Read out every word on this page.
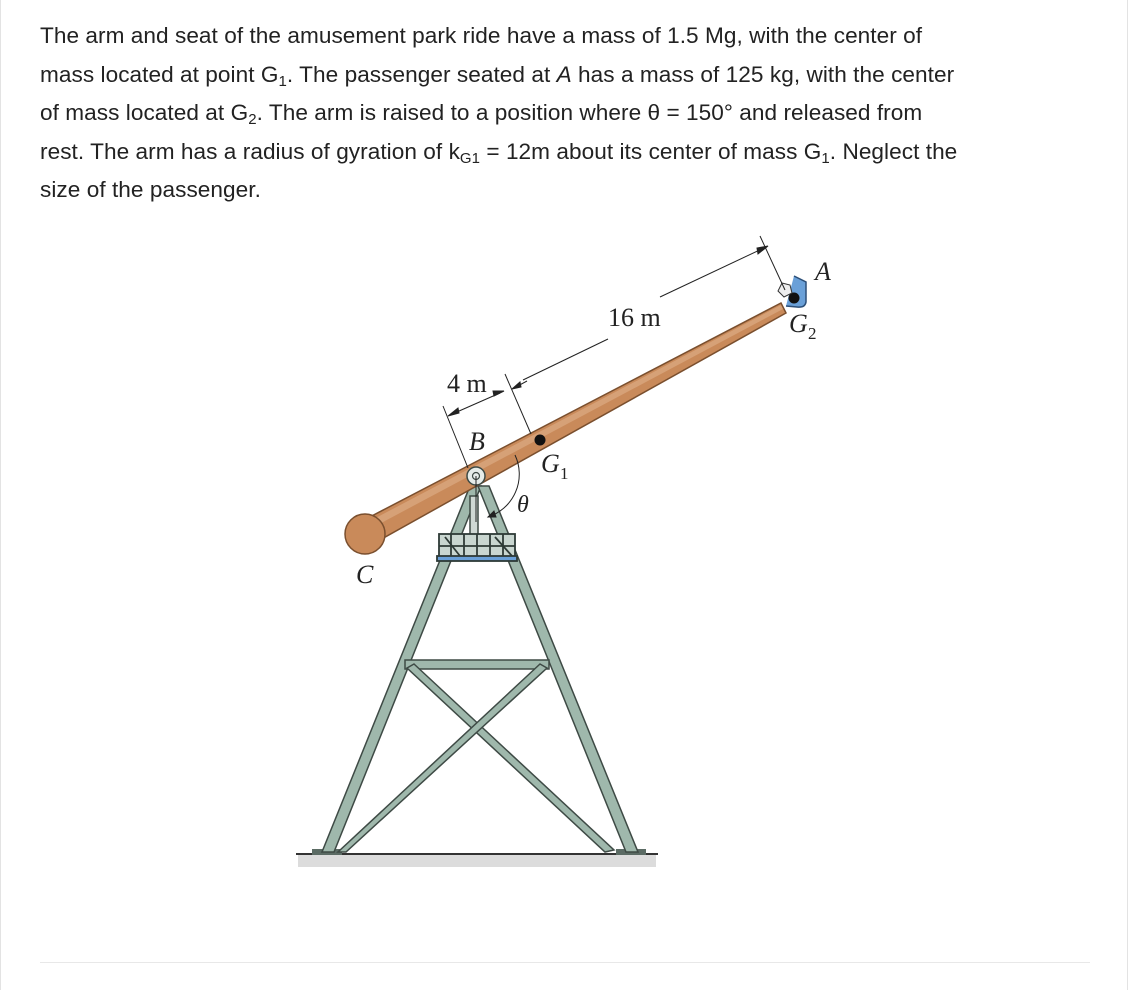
The arm and seat of the amusement park ride have a mass of 1.5 Mg, with the center of

mass located at point $G_1$. The passenger seated at A has a mass of 125 kg, with the center

of mass located at $G_2$. The arm is raised to a position where θ = 150° and released from

rest. The arm has a radius of gyration of $k_{G1} = 12m$ about its center of mass $G_1$. Neglect the

size of the passenger.

16 m
4 m
A
B
C
θ
G 1
G 2
